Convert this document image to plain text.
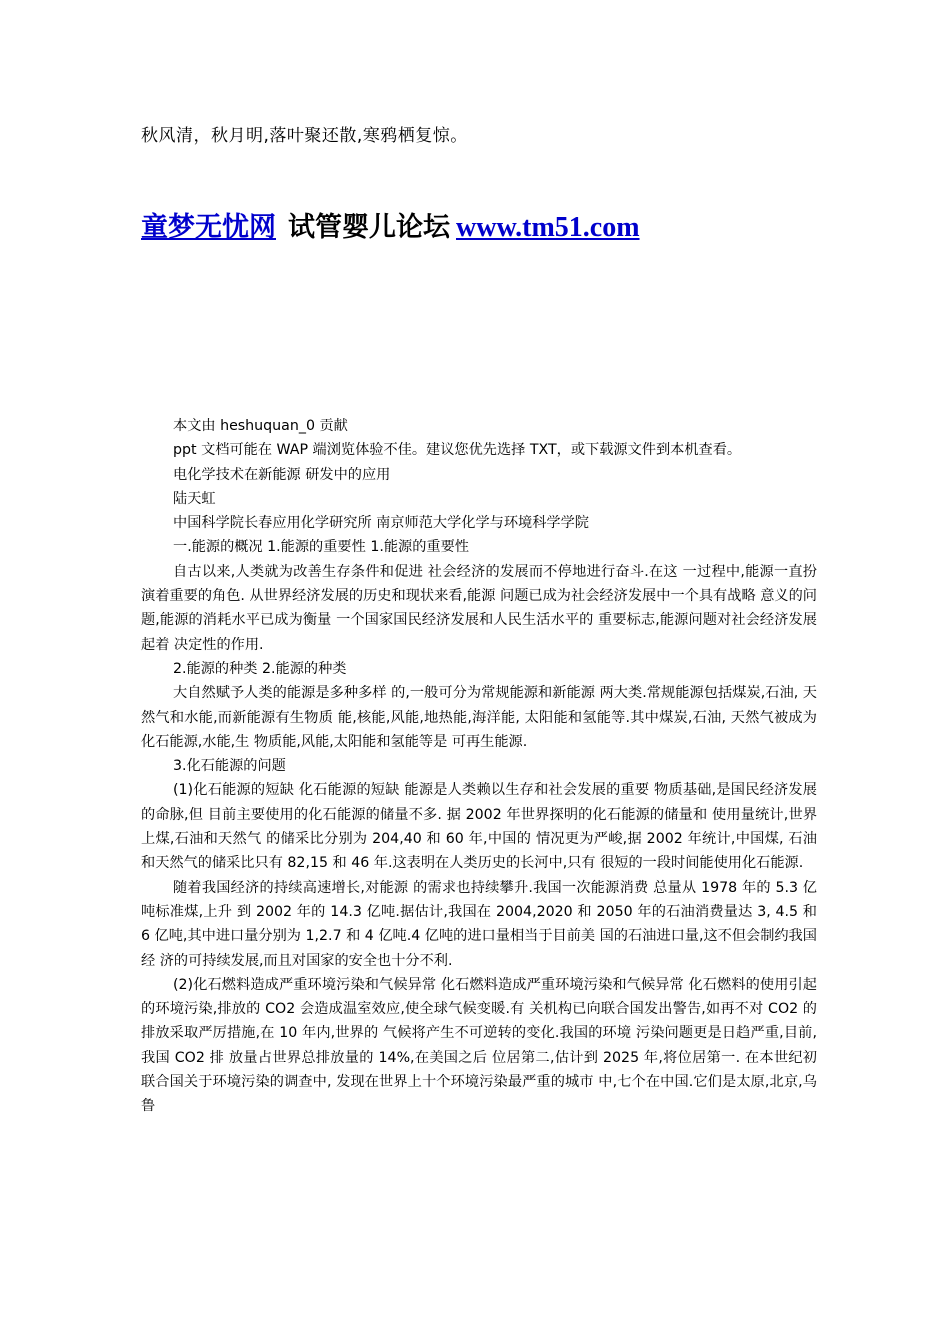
秋风清，秋月明,落叶聚还散,寒鸦栖复惊。
童梦无忧网 试管婴儿论坛 www.tm51.com

本文由 heshuquan_0 贡献

ppt 文档可能在 WAP 端浏览体验不佳。建议您优先选择 TXT，或下载源文件到本机查看。

电化学技术在新能源 研发中的应用

陆天虹

中国科学院长春应用化学研究所 南京师范大学化学与环境科学学院

一.能源的概况 1.能源的重要性 1.能源的重要性

自古以来,人类就为改善生存条件和促进 社会经济的发展而不停地进行奋斗.在这 一过程中,能源一直扮演着重要的角色. 从世界经济发展的历史和现状来看,能源 问题已成为社会经济发展中一个具有战略 意义的问题,能源的消耗水平已成为衡量 一个国家国民经济发展和人民生活水平的 重要标志,能源问题对社会经济发展起着 决定性的作用.

2.能源的种类 2.能源的种类

大自然赋予人类的能源是多种多样 的,一般可分为常规能源和新能源 两大类.常规能源包括煤炭,石油, 天然气和水能,而新能源有生物质 能,核能,风能,地热能,海洋能, 太阳能和氢能等.其中煤炭,石油, 天然气被成为化石能源,水能,生 物质能,风能,太阳能和氢能等是 可再生能源.

3.化石能源的问题

(1)化石能源的短缺 化石能源的短缺 能源是人类赖以生存和社会发展的重要 物质基础,是国民经济发展的命脉,但 目前主要使用的化石能源的储量不多. 据 2002 年世界探明的化石能源的储量和 使用量统计,世界上煤,石油和天然气 的储采比分别为 204,40 和 60 年,中国的 情况更为严峻,据 2002 年统计,中国煤, 石油和天然气的储采比只有 82,15 和 46 年.这表明在人类历史的长河中,只有 很短的一段时间能使用化石能源.

随着我国经济的持续高速增长,对能源 的需求也持续攀升.我国一次能源消费 总量从 1978 年的 5.3 亿吨标准煤,上升 到 2002 年的 14.3 亿吨.据估计,我国在 2004,2020 和 2050 年的石油消费量达 3, 4.5 和 6 亿吨,其中进口量分别为 1,2.7 和 4 亿吨.4 亿吨的进口量相当于目前美 国的石油进口量,这不但会制约我国经 济的可持续发展,而且对国家的安全也十分不利.

(2)化石燃料造成严重环境污染和气候异常 化石燃料造成严重环境污染和气候异常 化石燃料的使用引起的环境污染,排放的 CO2 会造成温室效应,使全球气候变暖.有 关机构已向联合国发出警告,如再不对 CO2 的排放采取严厉措施,在 10 年内,世界的 气候将产生不可逆转的变化.我国的环境 污染问题更是日趋严重,目前,我国 CO2 排 放量占世界总排放量的 14%,在美国之后 位居第二,估计到 2025 年,将位居第一. 在本世纪初联合国关于环境污染的调查中, 发现在世界上十个环境污染最严重的城市 中,七个在中国.它们是太原,北京,乌 鲁
